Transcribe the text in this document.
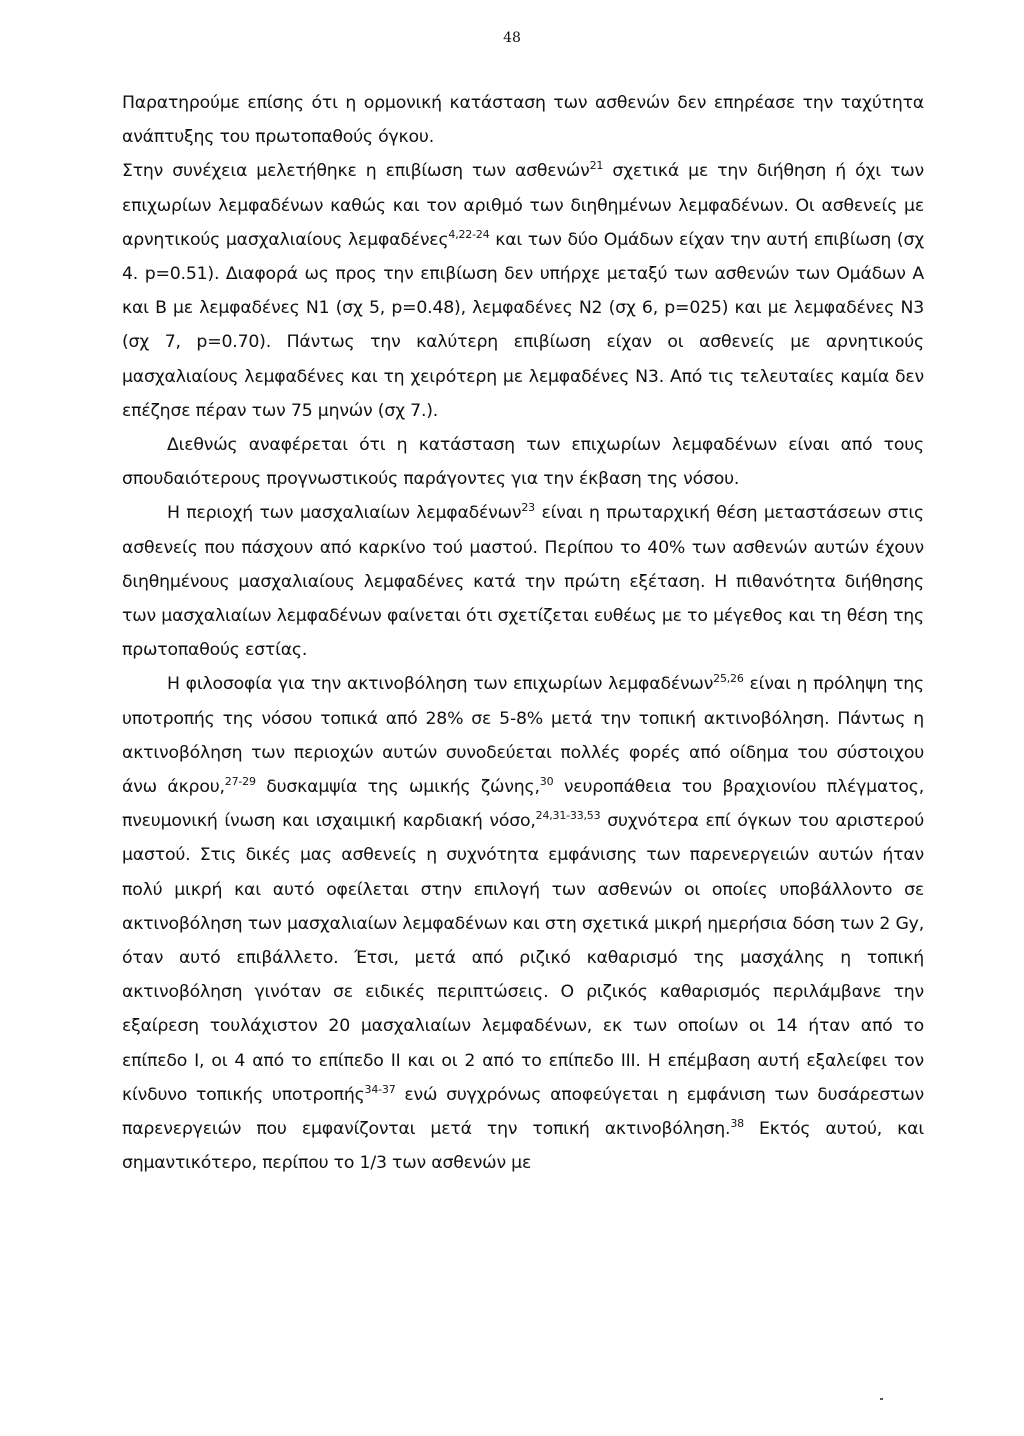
48

Παρατηρούμε επίσης ότι η ορμονική κατάσταση των ασθενών δεν επηρέασε την ταχύτητα ανάπτυξης του πρωτοπαθούς όγκου.

Στην συνέχεια μελετήθηκε η επιβίωση των ασθενών$^{21}$ σχετικά με την διήθηση ή όχι των επιχωρίων λεμφαδένων καθώς και τον αριθμό των διηθημένων λεμφαδένων. Οι ασθενείς με αρνητικούς μασχαλιαίους λεμφαδένες$^{4,22-24}$ και των δύο Ομάδων είχαν την αυτή επιβίωση (σχ 4. p=0.51). Διαφορά ως προς την επιβίωση δεν υπήρχε μεταξύ των ασθενών των Ομάδων Α και Β με λεμφαδένες Ν1 (σχ 5, p=0.48), λεμφαδένες Ν2 (σχ 6, p=025) και με λεμφαδένες Ν3 (σχ 7, p=0.70). Πάντως την καλύτερη επιβίωση είχαν οι ασθενείς με αρνητικούς μασχαλιαίους λεμφαδένες και τη χειρότερη με λεμφαδένες Ν3. Από τις τελευταίες καμία δεν επέζησε πέραν των 75 μηνών (σχ 7.).

Διεθνώς αναφέρεται ότι η κατάσταση των επιχωρίων λεμφαδένων είναι από τους σπουδαιότερους προγνωστικούς παράγοντες για την έκβαση της νόσου.

Η περιοχή των μασχαλιαίων λεμφαδένων$^{23}$ είναι η πρωταρχική θέση μεταστάσεων στις ασθενείς που πάσχουν από καρκίνο τού μαστού. Περίπου το 40% των ασθενών αυτών έχουν διηθημένους μασχαλιαίους λεμφαδένες κατά την πρώτη εξέταση. Η πιθανότητα διήθησης των μασχαλιαίων λεμφαδένων φαίνεται ότι σχετίζεται ευθέως με το μέγεθος και τη θέση της πρωτοπαθούς εστίας.

Η φιλοσοφία για την ακτινοβόληση των επιχωρίων λεμφαδένων$^{25,26}$ είναι η πρόληψη της υποτροπής της νόσου τοπικά από 28% σε 5-8% μετά την τοπική ακτινοβόληση. Πάντως η ακτινοβόληση των περιοχών αυτών συνοδεύεται πολλές φορές από οίδημα του σύστοιχου άνω άκρου,$^{27-29}$ δυσκαμψία της ωμικής ζώνης,$^{30}$ νευροπάθεια του βραχιονίου πλέγματος, πνευμονική ίνωση και ισχαιμική καρδιακή νόσο,$^{24,31-33,53}$ συχνότερα επί όγκων του αριστερού μαστού. Στις δικές μας ασθενείς η συχνότητα εμφάνισης των παρενεργειών αυτών ήταν πολύ μικρή και αυτό οφείλεται στην επιλογή των ασθενών οι οποίες υποβάλλοντο σε ακτινοβόληση των μασχαλιαίων λεμφαδένων και στη σχετικά μικρή ημερήσια δόση των 2 Gy, όταν αυτό επιβάλλετο. Έτσι, μετά από ριζικό καθαρισμό της μασχάλης η τοπική ακτινοβόληση γινόταν σε ειδικές περιπτώσεις. Ο ριζικός καθαρισμός περιλάμβανε την εξαίρεση τουλάχιστον 20 μασχαλιαίων λεμφαδένων, εκ των οποίων οι 14 ήταν από το επίπεδο Ι, οι 4 από το επίπεδο ΙΙ και οι 2 από το επίπεδο ΙΙΙ. Η επέμβαση αυτή εξαλείφει τον κίνδυνο τοπικής υποτροπής$^{34-37}$ ενώ συγχρόνως αποφεύγεται η εμφάνιση των δυσάρεστων παρενεργειών που εμφανίζονται μετά την τοπική ακτινοβόληση.$^{38}$ Εκτός αυτού, και σημαντικότερο, περίπου το 1/3 των ασθενών με
